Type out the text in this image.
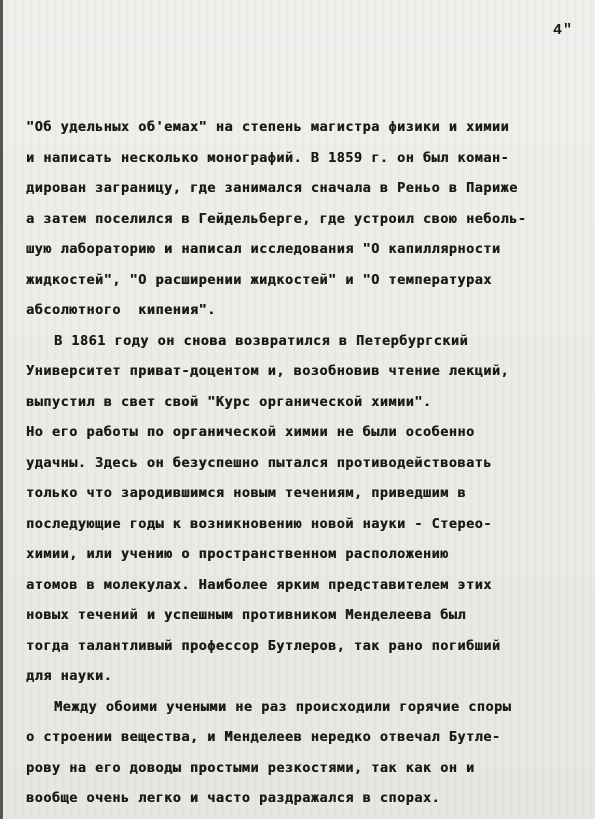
4"
"Об удельных об'емах" на степень магистра физики и химии
и написать несколько монографий. В 1859 г. он был коман-
дирован заграницу, где занимался сначала в Реньо в Париже
а затем поселился в Гейдельберге, где устроил свою неболь-
шую лабораторию и написал исследования "О капиллярности
жидкостей", "О расширении жидкостей" и "О температурах
абсолютного  кипения".
В 1861 году он снова возвратился в Петербургский
Университет приват-доцентом и, возобновив чтение лекций,
выпустил в свет свой "Курс органической химии".
Но его работы по органической химии не были особенно
удачны. Здесь он безуспешно пытался противодействовать
только что зародившимся новым течениям, приведшим в
последующие годы к возникновению новой науки - Стерео-
химии, или учению о пространственном расположению
атомов в молекулах. Наиболее ярким представителем этих
новых течений и успешным противником Менделеева был
тогда талантливый профессор Бутлеров, так рано погибший
для науки.
Между обоими учеными не раз происходили горячие споры
о строении вещества, и Менделеев нередко отвечал Бутле-
рову на его доводы простыми резкостями, так как он и
вообще очень легко и часто раздражался в спорах.
